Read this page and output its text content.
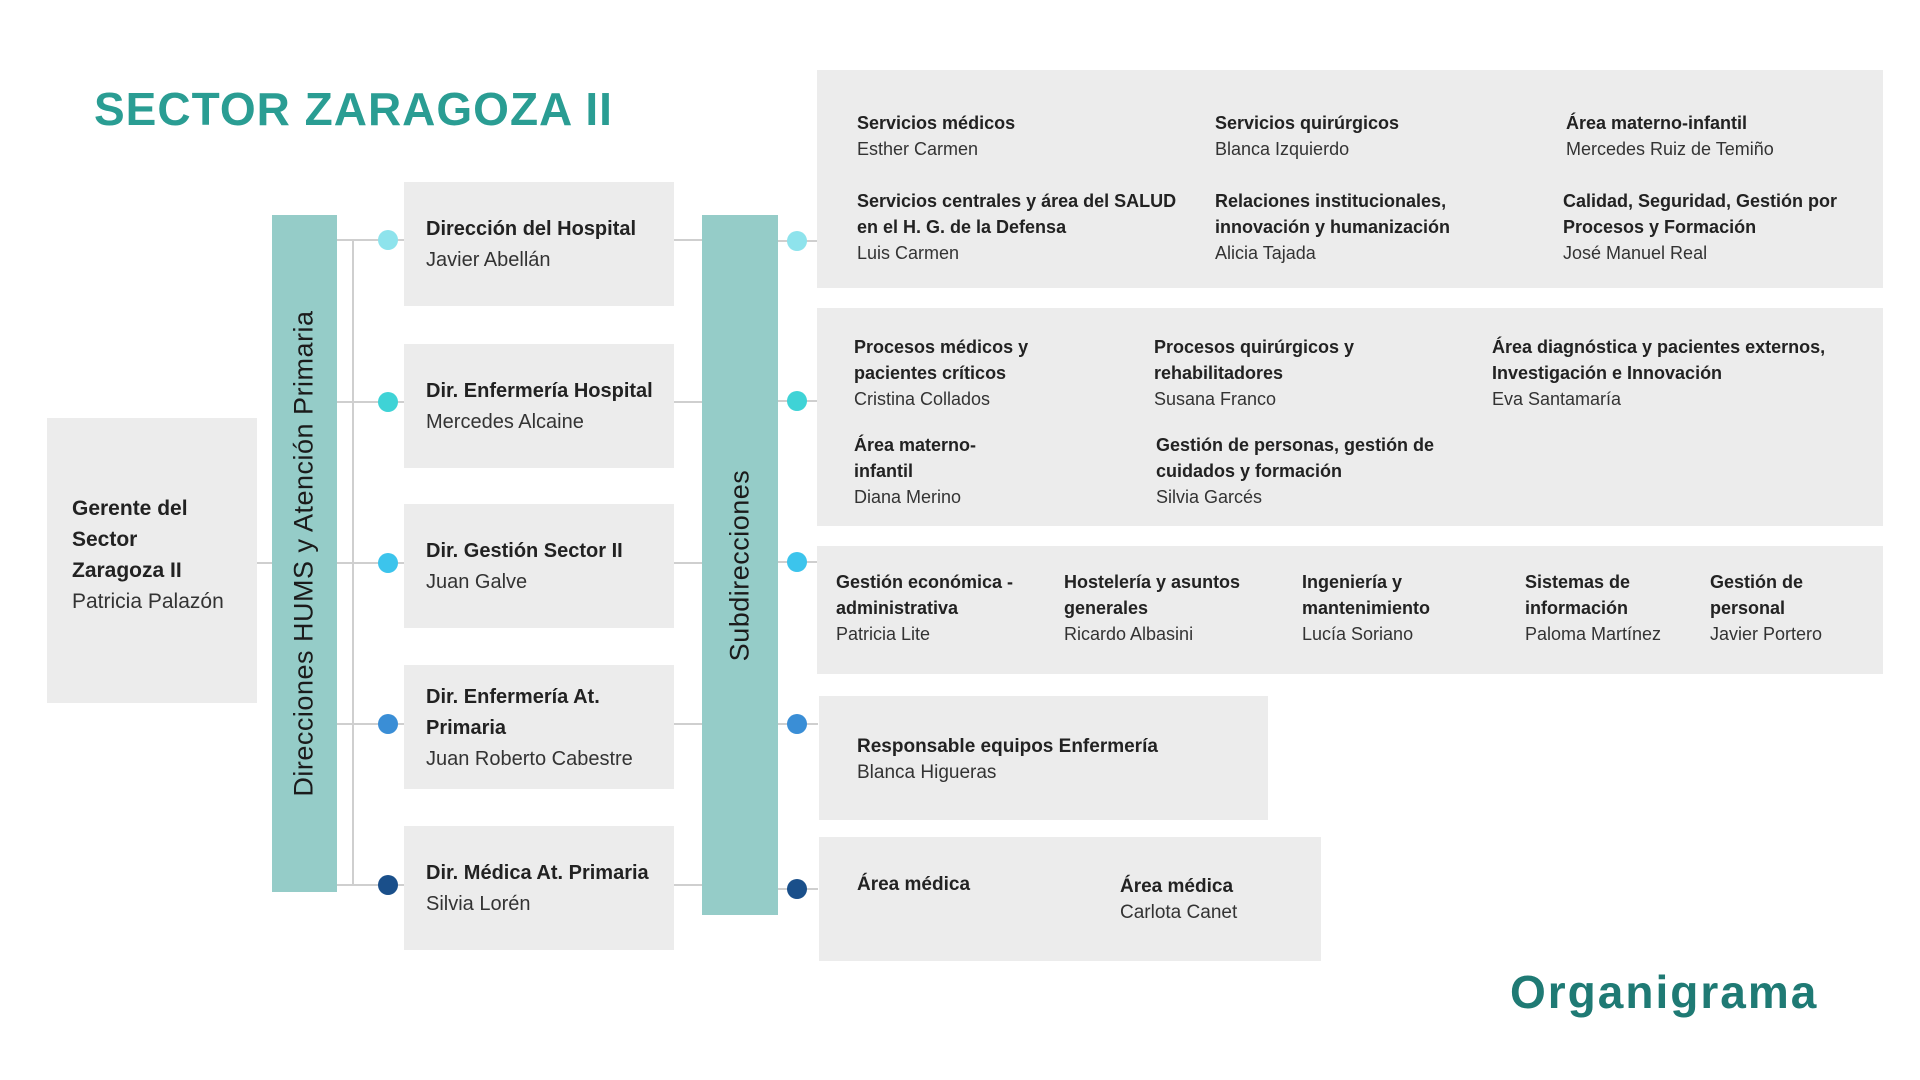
SECTOR ZARAGOZA II
Gerente del Sector Zaragoza II
Patricia Palazón	Direcciones HUMS y Atención Primaria
Dirección del Hospital
Javier Abellán
Dir. Enfermería Hospital
Mercedes Alcaine
Dir. Gestión Sector II
Juan Galve
Dir. Enfermería At. Primaria
Juan Roberto Cabestre
Dir. Médica At. Primaria
Silvia Lorén
Subdirecciones
Servicios médicos
Esther Carmen
Servicios quirúrgicos
Blanca Izquierdo
Área materno-infantil
Mercedes Ruiz de Temiño
Servicios centrales y área del SALUD en el H. G. de la Defensa
Luis Carmen
Relaciones institucionales, innovación y humanización
Alicia Tajada
Calidad, Seguridad, Gestión por Procesos y Formación
José Manuel Real
Procesos médicos y pacientes críticos
Cristina Collados
Procesos quirúrgicos y rehabilitadores
Susana Franco
Área diagnóstica y pacientes externos, Investigación e Innovación
Eva Santamaría
Área materno-infantil
Diana Merino
Gestión de personas, gestión de cuidados y formación
Silvia Garcés
Gestión económica -administrativa
Patricia Lite
Hostelería y asuntos generales
Ricardo Albasini
Ingeniería y mantenimiento
Lucía Soriano
Sistemas de información
Paloma Martínez
Gestión de personal
Javier Portero
Responsable equipos Enfermería
Blanca Higueras
Área médica	Área médica
Carlota Canet
Organigrama
